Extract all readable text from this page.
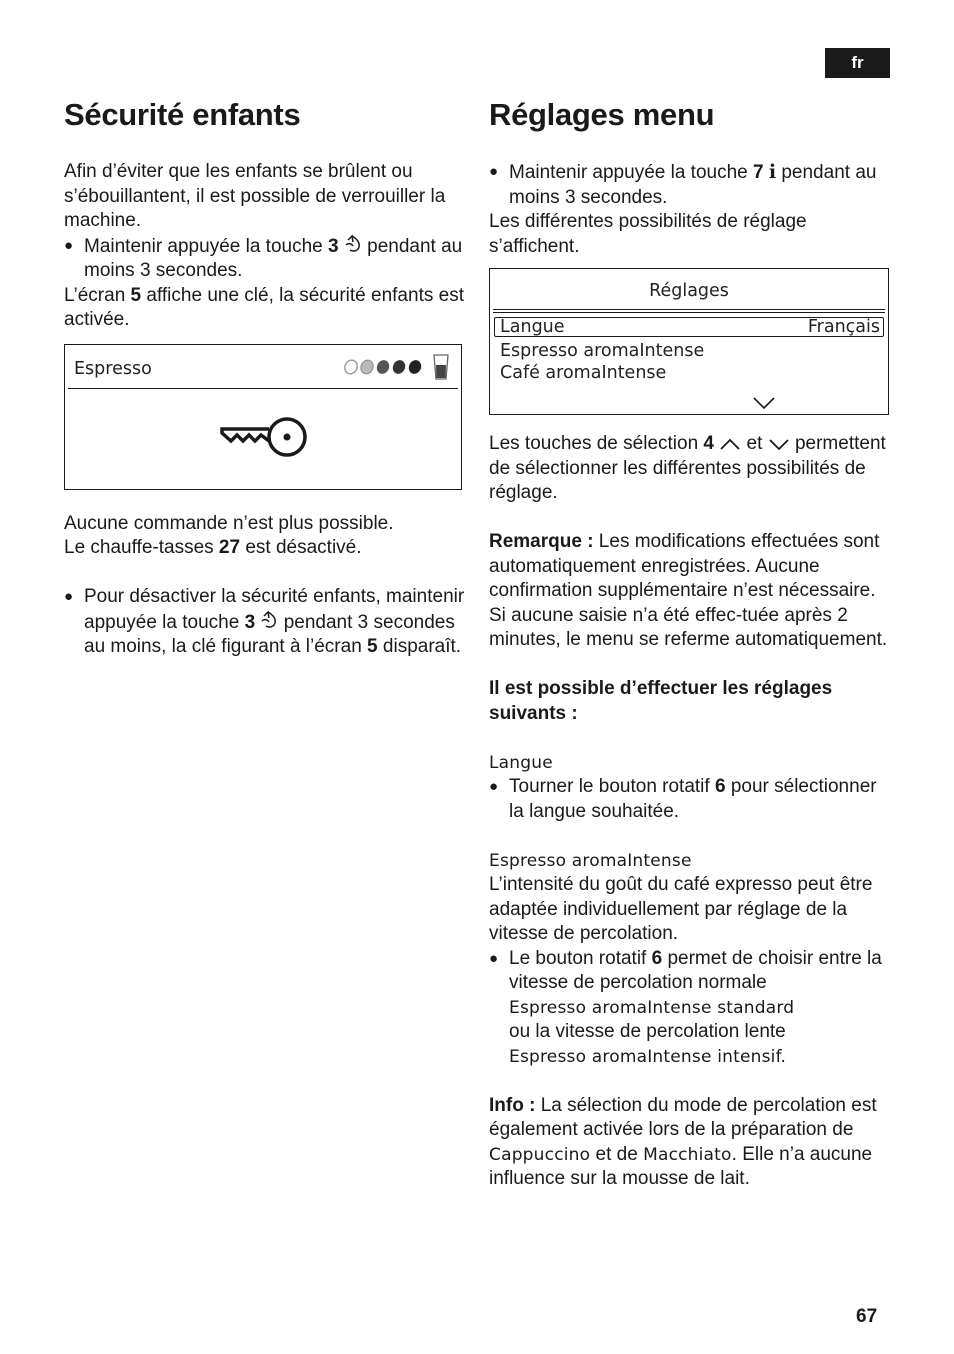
fr
Sécurité enfants

Afin d’éviter que les enfants se brûlent ou s’ébouillantent, il est possible de verrouiller la machine.

● Maintenir appuyée la touche 3  pendant au moins 3 secondes.

L’écran 5 affiche une clé, la sécurité enfants est activée.

Espresso

Aucune commande n’est plus possible.

Le chauffe-tasses 27 est désactivé.

● Pour désactiver la sécurité enfants, maintenir appuyée la touche 3  pendant 3 secondes au moins, la clé figurant à l’écran 5 disparaît.

Réglages menu

● Maintenir appuyée la touche 7 i pendant au moins 3 secondes.

Les différentes possibilités de réglage s’affichent.

Réglages
Langue	Français
Espresso aromaIntense
Café aromaIntense

Les touches de sélection 4  et  permettent de sélectionner les différentes possibilités de réglage.

Remarque : Les modifications effectuées sont automatiquement enregistrées. Aucune confirmation supplémentaire n’est nécessaire. Si aucune saisie n’a été effec-tuée après 2 minutes, le menu se referme automatiquement.

Il est possible d’effectuer les réglages suivants :

Langue

● Tourner le bouton rotatif 6 pour sélectionner la langue souhaitée.

Espresso aromaIntense

L’intensité du goût du café expresso peut être adaptée individuellement par réglage de la vitesse de percolation.

● Le bouton rotatif 6 permet de choisir entre la vitesse de percolation normale
Espresso aromaIntense standard
ou la vitesse de percolation lente
Espresso aromaIntense intensif.

Info : La sélection du mode de percolation est également activée lors de la préparation de Cappuccino et de Macchiato. Elle n’a aucune influence sur la mousse de lait.

67
